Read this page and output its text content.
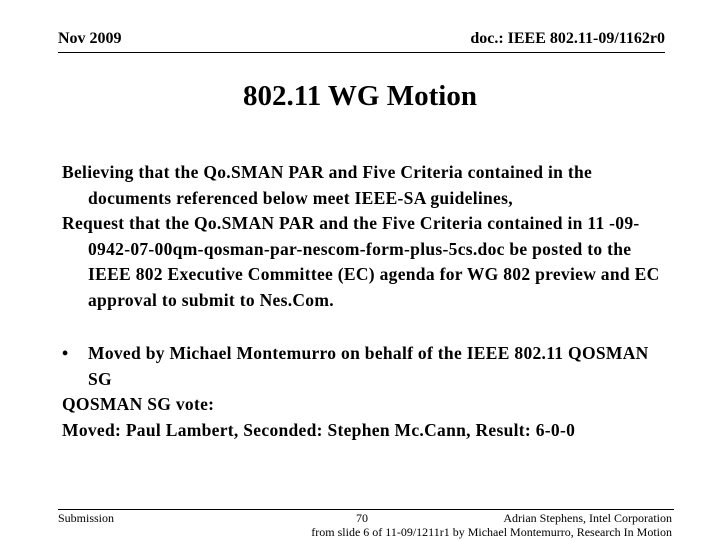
Nov 2009	doc.: IEEE 802.11-09/1162r0
802.11 WG Motion

Believing that the Qo.SMAN PAR and Five Criteria contained in the documents referenced below meet IEEE-SA guidelines,

Request that the Qo.SMAN PAR and the Five Criteria contained in 11 -09-0942-07-00qm-qosman-par-nescom-form-plus-5cs.doc be posted to the IEEE 802 Executive Committee (EC) agenda for WG 802 preview and EC approval to submit to Nes.Com.

• Moved by Michael Montemurro on behalf of the IEEE 802.11 QOSMAN SG

QOSMAN SG vote:

Moved: Paul Lambert, Seconded: Stephen Mc.Cann, Result: 6-0-0

Submission	70	Adrian Stephens, Intel Corporation
from slide 6 of 11-09/1211r1 by Michael Montemurro, Research In Motion
